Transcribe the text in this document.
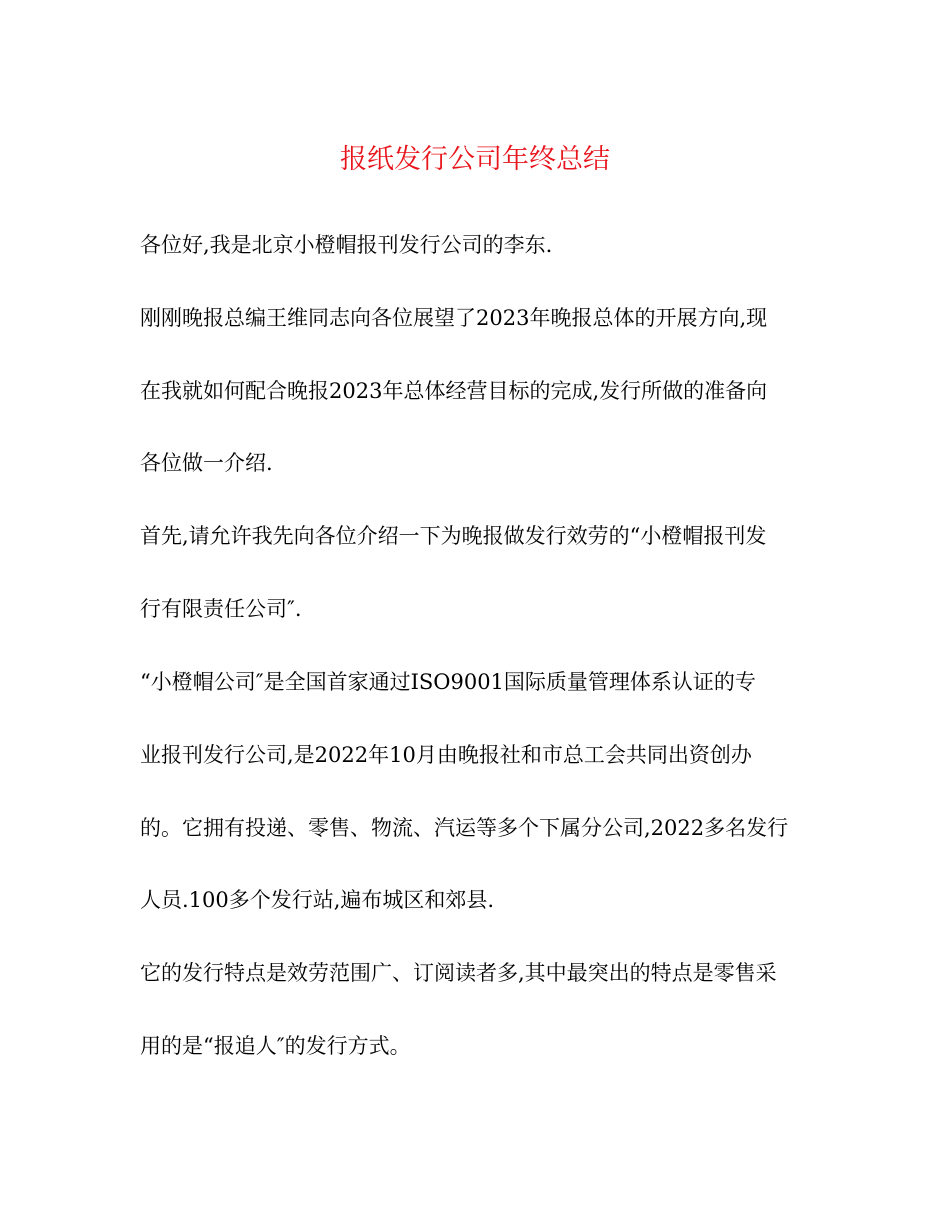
报纸发行公司年终总结
各位好,我是北京小橙帽报刊发行公司的李东.
刚刚晚报总编王维同志向各位展望了2023年晚报总体的开展方向,现
在我就如何配合晚报2023年总体经营目标的完成,发行所做的准备向
各位做一介绍.
首先,请允许我先向各位介绍一下为晚报做发行效劳的“小橙帽报刊发
行有限责任公司″.
“小橙帽公司″是全国首家通过ISO9001国际质量管理体系认证的专
业报刊发行公司,是2022年10月由晚报社和市总工会共同出资创办
的。它拥有投递、零售、物流、汽运等多个下属分公司,2022多名发行
人员.100多个发行站,遍布城区和郊县.
它的发行特点是效劳范围广、订阅读者多,其中最突出的特点是零售采
用的是“报追人″的发行方式。
